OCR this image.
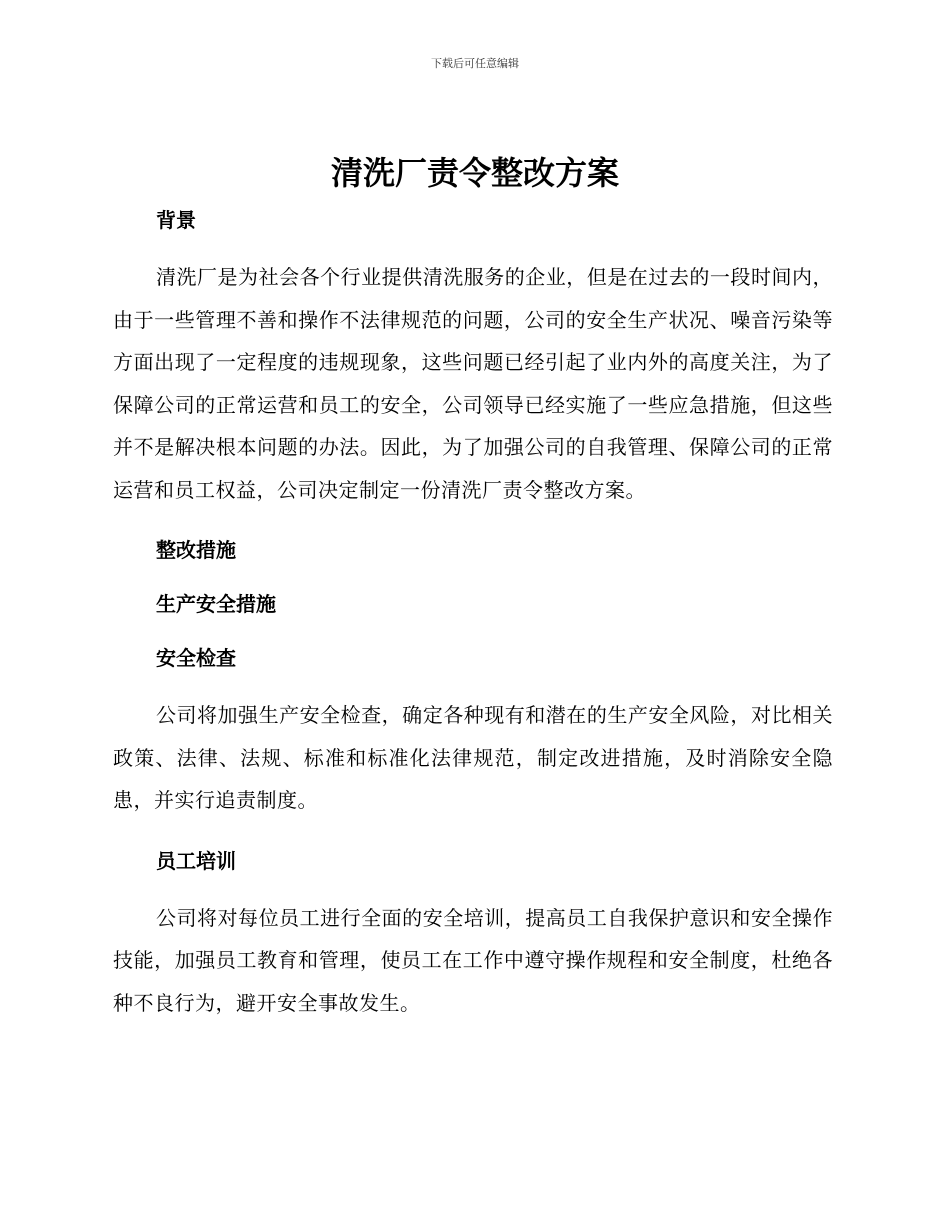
下载后可任意编辑
清洗厂责令整改方案
背景

清洗厂是为社会各个行业提供清洗服务的企业，但是在过去的一段时间内，由于一些管理不善和操作不法律规范的问题，公司的安全生产状况、噪音污染等方面出现了一定程度的违规现象，这些问题已经引起了业内外的高度关注，为了保障公司的正常运营和员工的安全，公司领导已经实施了一些应急措施，但这些并不是解决根本问题的办法。因此，为了加强公司的自我管理、保障公司的正常运营和员工权益，公司决定制定一份清洗厂责令整改方案。

整改措施
生产安全措施
安全检查

公司将加强生产安全检查，确定各种现有和潜在的生产安全风险，对比相关政策、法律、法规、标准和标准化法律规范，制定改进措施，及时消除安全隐患，并实行追责制度。

员工培训

公司将对每位员工进行全面的安全培训，提高员工自我保护意识和安全操作技能，加强员工教育和管理，使员工在工作中遵守操作规程和安全制度，杜绝各种不良行为，避开安全事故发生。
